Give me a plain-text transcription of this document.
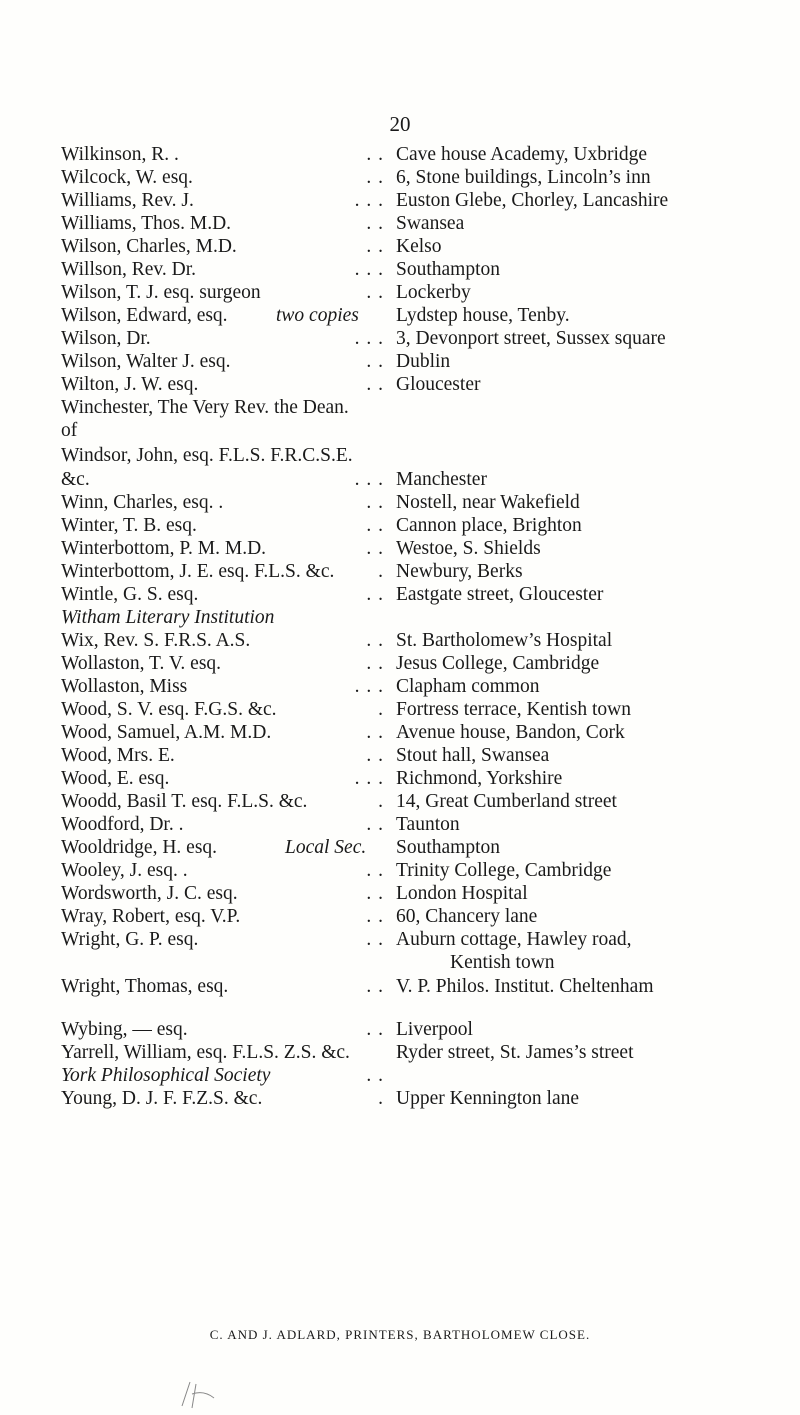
20
Wilkinson, R. .	. . Cave house Academy, Uxbridge
Wilcock, W. esq.	. . 6, Stone buildings, Lincoln’s inn
Williams, Rev. J.	. . . Euston Glebe, Chorley, Lancashire
Williams, Thos. M.D.	. . Swansea
Wilson, Charles, M.D.	. . Kelso
Willson, Rev. Dr.	. . . Southampton
Wilson, T. J. esq. surgeon	. . Lockerby
Wilson, Edward, esq. two copies Lydstep house, Tenby.
Wilson, Dr.	. . . 3, Devonport street, Sussex square
Wilson, Walter J. esq.	. . Dublin
Wilton, J. W. esq.	. . Gloucester
Winchester, The Very Rev. the Dean.
of
Windsor, John, esq. F.L.S. F.R.C.S.E.
&c.	. . . Manchester
Winn, Charles, esq. .	. . Nostell, near Wakefield
Winter, T. B. esq.	. . Cannon place, Brighton
Winterbottom, P. M. M.D.	. . Westoe, S. Shields
Winterbottom, J. E. esq. F.L.S. &c.	. Newbury, Berks
Wintle, G. S. esq.	. . Eastgate street, Gloucester
Witham Literary Institution
Wix, Rev. S. F.R.S. A.S.	. . St. Bartholomew’s Hospital
Wollaston, T. V. esq.	. . Jesus College, Cambridge
Wollaston, Miss	. . . Clapham common
Wood, S. V. esq. F.G.S. &c.	. Fortress terrace, Kentish town
Wood, Samuel, A.M. M.D.	. . Avenue house, Bandon, Cork
Wood, Mrs. E.	. . Stout hall, Swansea
Wood, E. esq.	. . . Richmond, Yorkshire
Woodd, Basil T. esq. F.L.S. &c.	. 14, Great Cumberland street
Woodford, Dr. .	. . Taunton
Wooldridge, H. esq.	Local Sec. Southampton
Wooley, J. esq. .	. . Trinity College, Cambridge
Wordsworth, J. C. esq.	. . London Hospital
Wray, Robert, esq. V.P.	. . 60, Chancery lane
Wright, G. P. esq.	. . Auburn cottage, Hawley road,
Kentish town
Wright, Thomas, esq.	. . V. P. Philos. Institut. Cheltenham
Wybing, — esq.	. . Liverpool
Yarrell, William, esq. F.L.S. Z.S. &c. Ryder street, St. James’s street
York Philosophical Society	. .
Young, D. J. F. F.Z.S. &c.	. Upper Kennington lane
C. AND J. ADLARD, PRINTERS, BARTHOLOMEW CLOSE.
